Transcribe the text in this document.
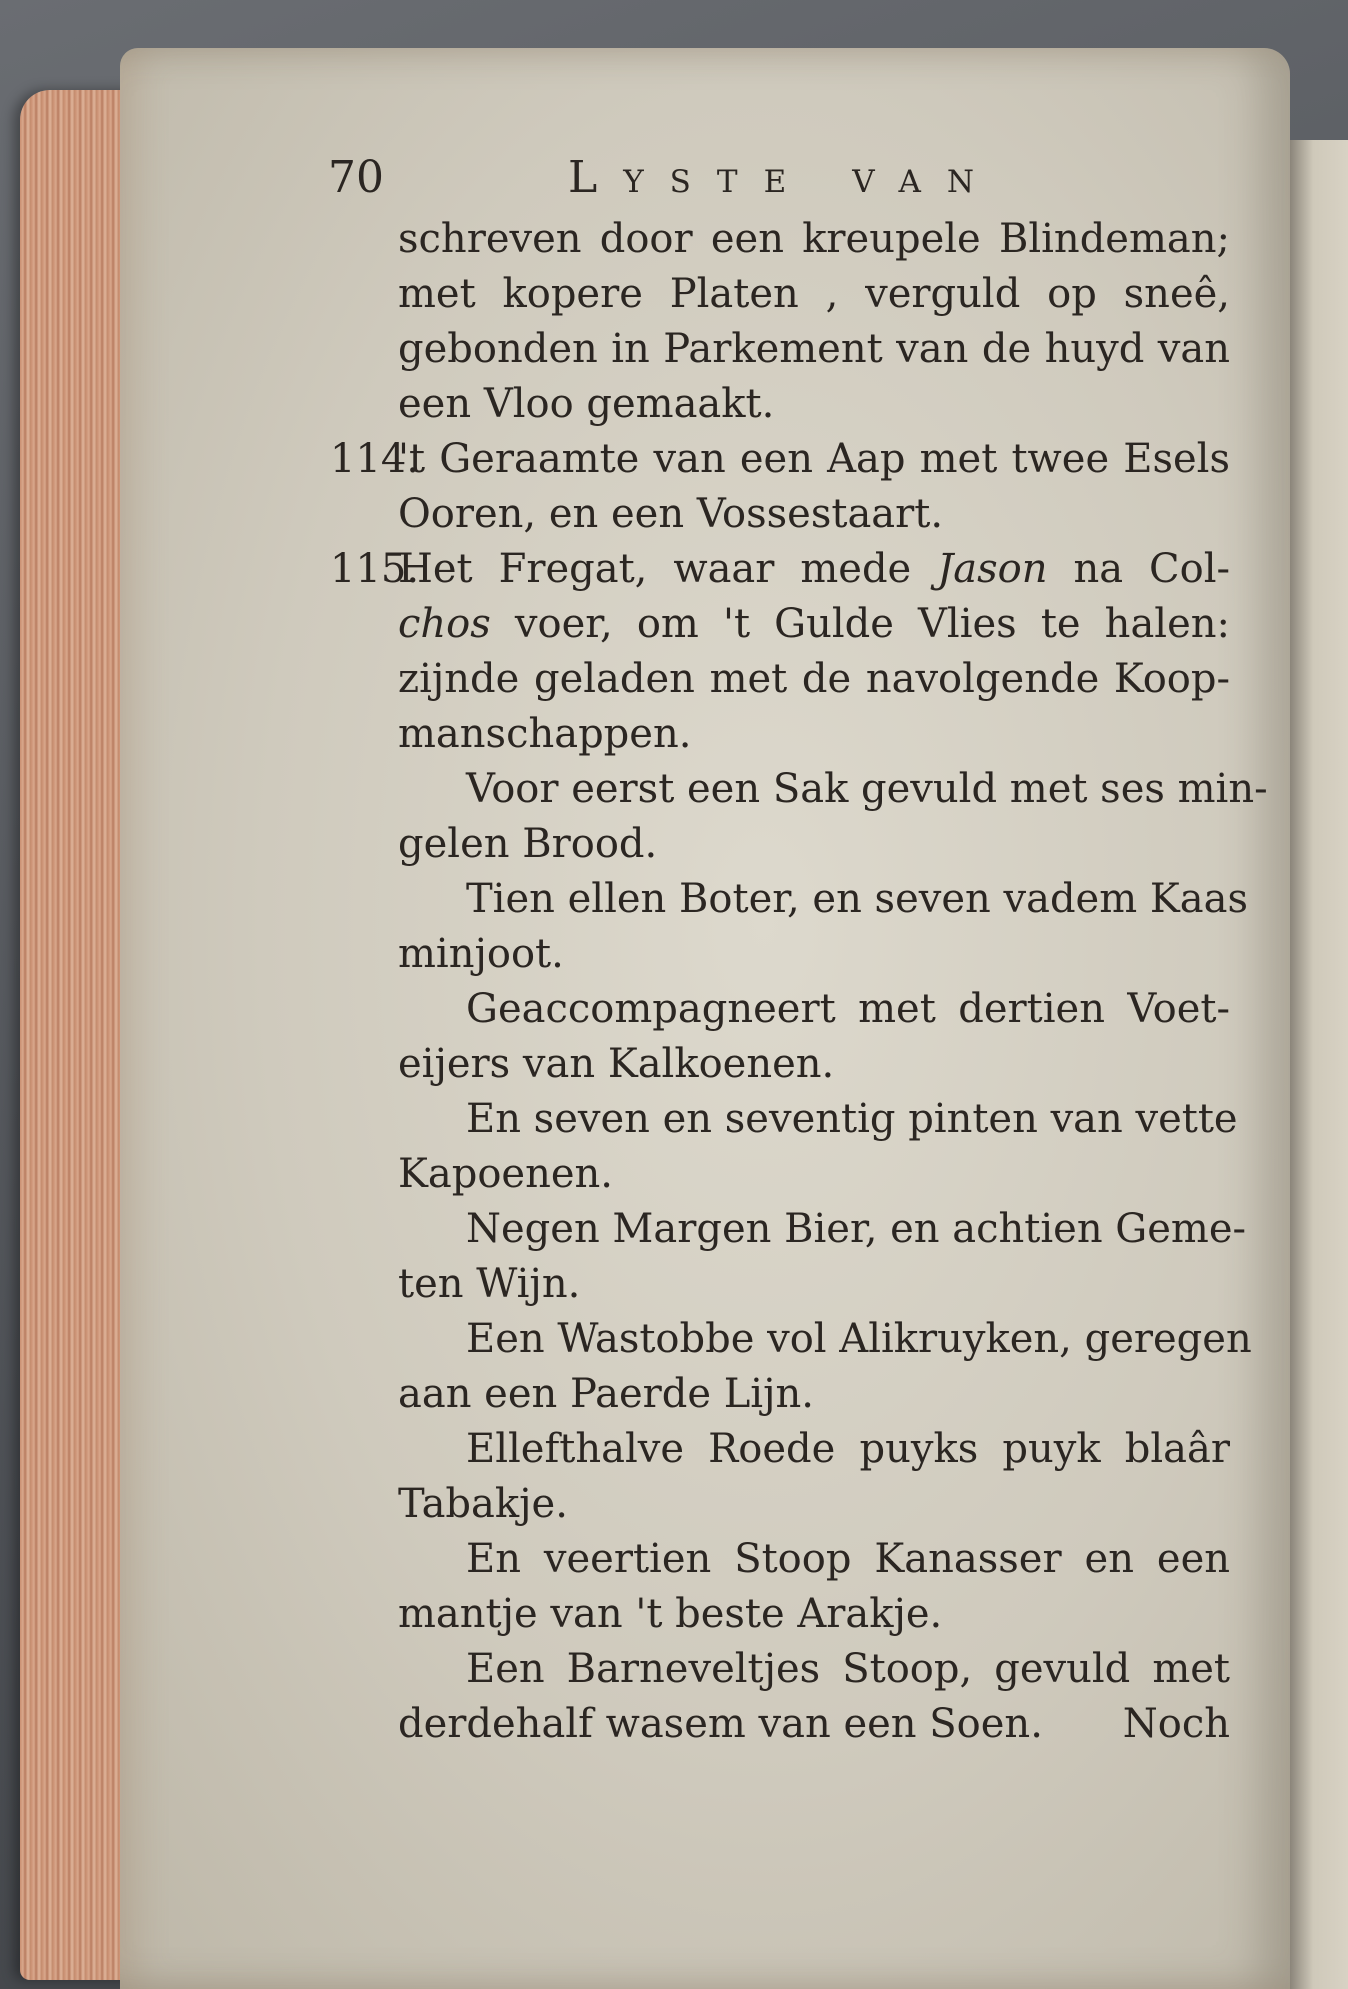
70	Lyste van
schreven door een kreupele Blindeman;
met kopere Platen , verguld op sneê,
gebonden in Parkement van de huyd van
een Vloo gemaakt.
114.'t Geraamte van een Aap met twee Esels
Ooren, en een Vossestaart.
115.Het Fregat, waar mede Jason na Col-
chos voer, om 't Gulde Vlies te halen:
zijnde geladen met de navolgende Koop-
manschappen.
Voor eerst een Sak gevuld met ses min-
gelen Brood.
Tien ellen Boter, en seven vadem Kaas
minjoot.
Geaccompagneert met dertien Voet-
eijers van Kalkoenen.
En seven en seventig pinten van vette
Kapoenen.
Negen Margen Bier, en achtien Geme-
ten Wijn.
Een Wastobbe vol Alikruyken, geregen
aan een Paerde Lijn.
Ellefthalve Roede puyks puyk blaâr
Tabakje.
En veertien Stoop Kanasser en een
mantje van 't beste Arakje.
Een Barneveltjes Stoop, gevuld met
derdehalf wasem van een Soen. Noch
